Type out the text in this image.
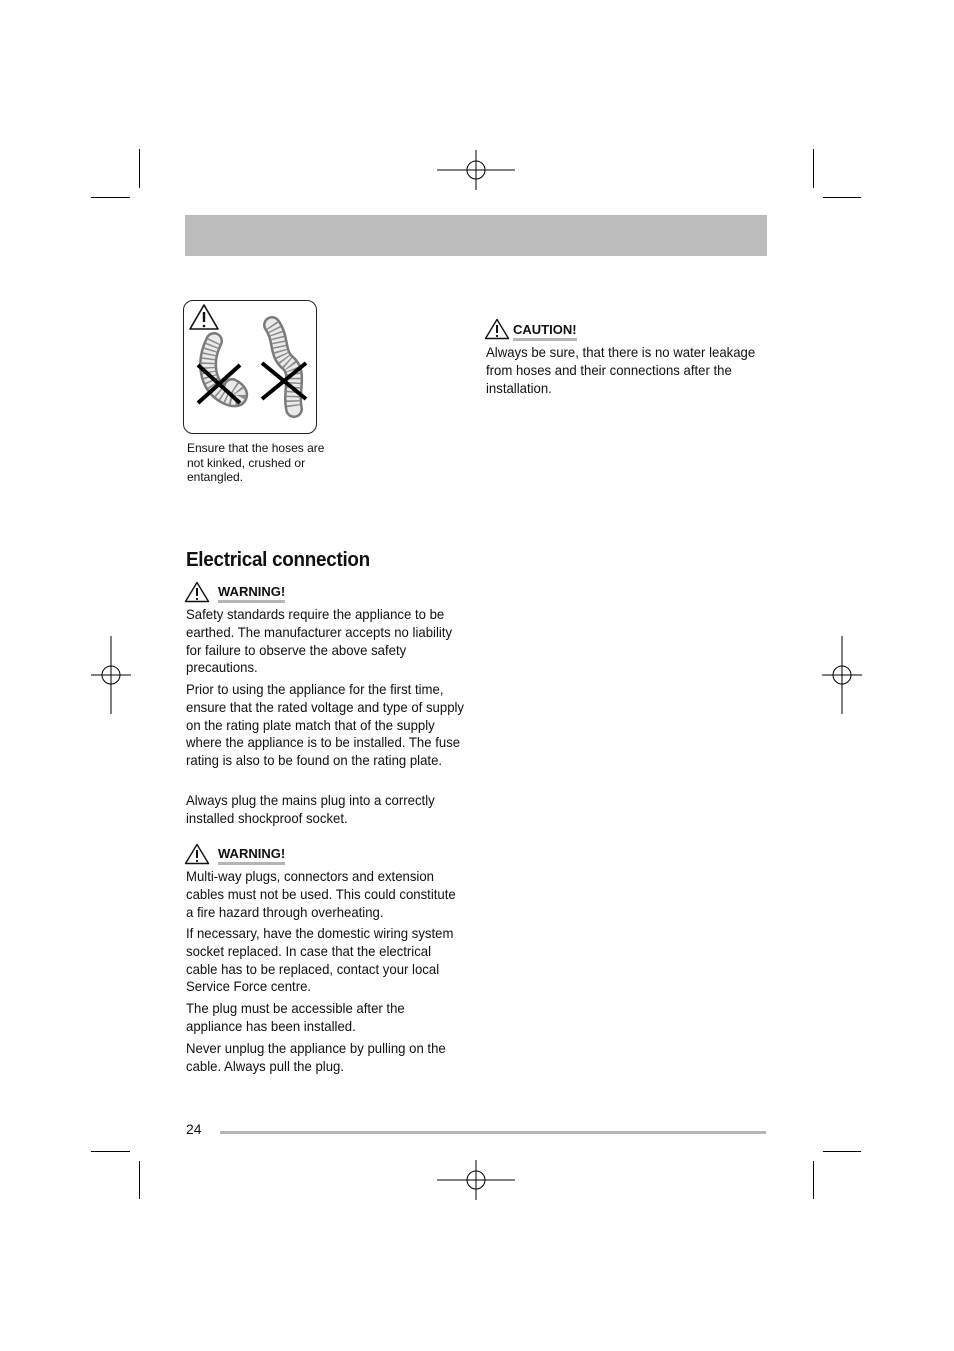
Ensure that the hoses are not kinked, crushed or entangled.
CAUTION!
Always be sure, that there is no water leakage from hoses and their connections after the installation.
Electrical connection
WARNING!
Safety standards require the appliance to be earthed. The manufacturer accepts no liability for failure to observe the above safety precautions.
Prior to using the appliance for the first time, ensure that the rated voltage and type of supply on the rating plate match that of the supply where the appliance is to be installed. The fuse rating is also to be found on the rating plate.
Always plug the mains plug into a correctly installed shockproof socket.
WARNING!
Multi-way plugs, connectors and extension cables must not be used. This could constitute a fire hazard through overheating.
If necessary, have the domestic wiring system socket replaced. In case that the electrical cable has to be replaced, contact your local Service Force centre.
The plug must be accessible after the appliance has been installed.
Never unplug the appliance by pulling on the cable. Always pull the plug.
24
